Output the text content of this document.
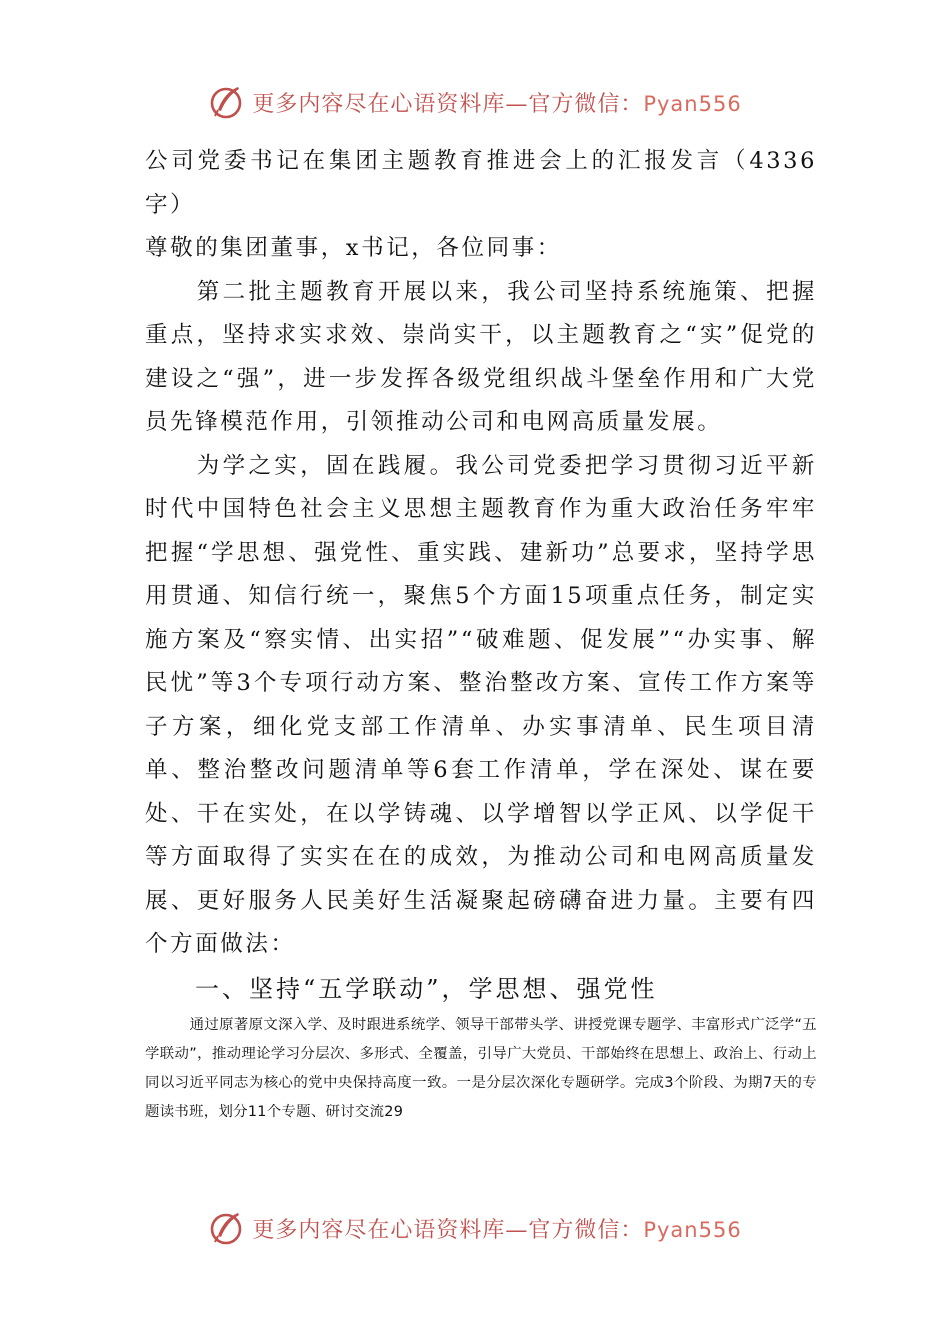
更多内容尽在心语资料库—官方微信：Pyan556

公司党委书记在集团主题教育推进会上的汇报发言（4336字）

尊敬的集团董事，x书记，各位同事：

第二批主题教育开展以来，我公司坚持系统施策、把握重点，坚持求实求效、崇尚实干，以主题教育之“实”促党的建设之“强”，进一步发挥各级党组织战斗堡垒作用和广大党员先锋模范作用，引领推动公司和电网高质量发展。

为学之实，固在践履。我公司党委把学习贯彻习近平新时代中国特色社会主义思想主题教育作为重大政治任务牢牢把握“学思想、强党性、重实践、建新功”总要求，坚持学思用贯通、知信行统一，聚焦5个方面15项重点任务，制定实施方案及“察实情、出实招”“破难题、促发展”“办实事、解民忧”等3个专项行动方案、整治整改方案、宣传工作方案等子方案，细化党支部工作清单、办实事清单、民生项目清单、整治整改问题清单等6套工作清单，学在深处、谋在要处、干在实处，在以学铸魂、以学增智以学正风、以学促干等方面取得了实实在在的成效，为推动公司和电网高质量发展、更好服务人民美好生活凝聚起磅礴奋进力量。主要有四个方面做法：

一、坚持“五学联动”，学思想、强党性

通过原著原文深入学、及时跟进系统学、领导干部带头学、讲授党课专题学、丰富形式广泛学“五学联动”，推动理论学习分层次、多形式、全覆盖，引导广大党员、干部始终在思想上、政治上、行动上同以习近平同志为核心的党中央保持高度一致。一是分层次深化专题研学。完成3个阶段、为期7天的专题读书班，划分11个专题、研讨交流29

更多内容尽在心语资料库—官方微信：Pyan556
